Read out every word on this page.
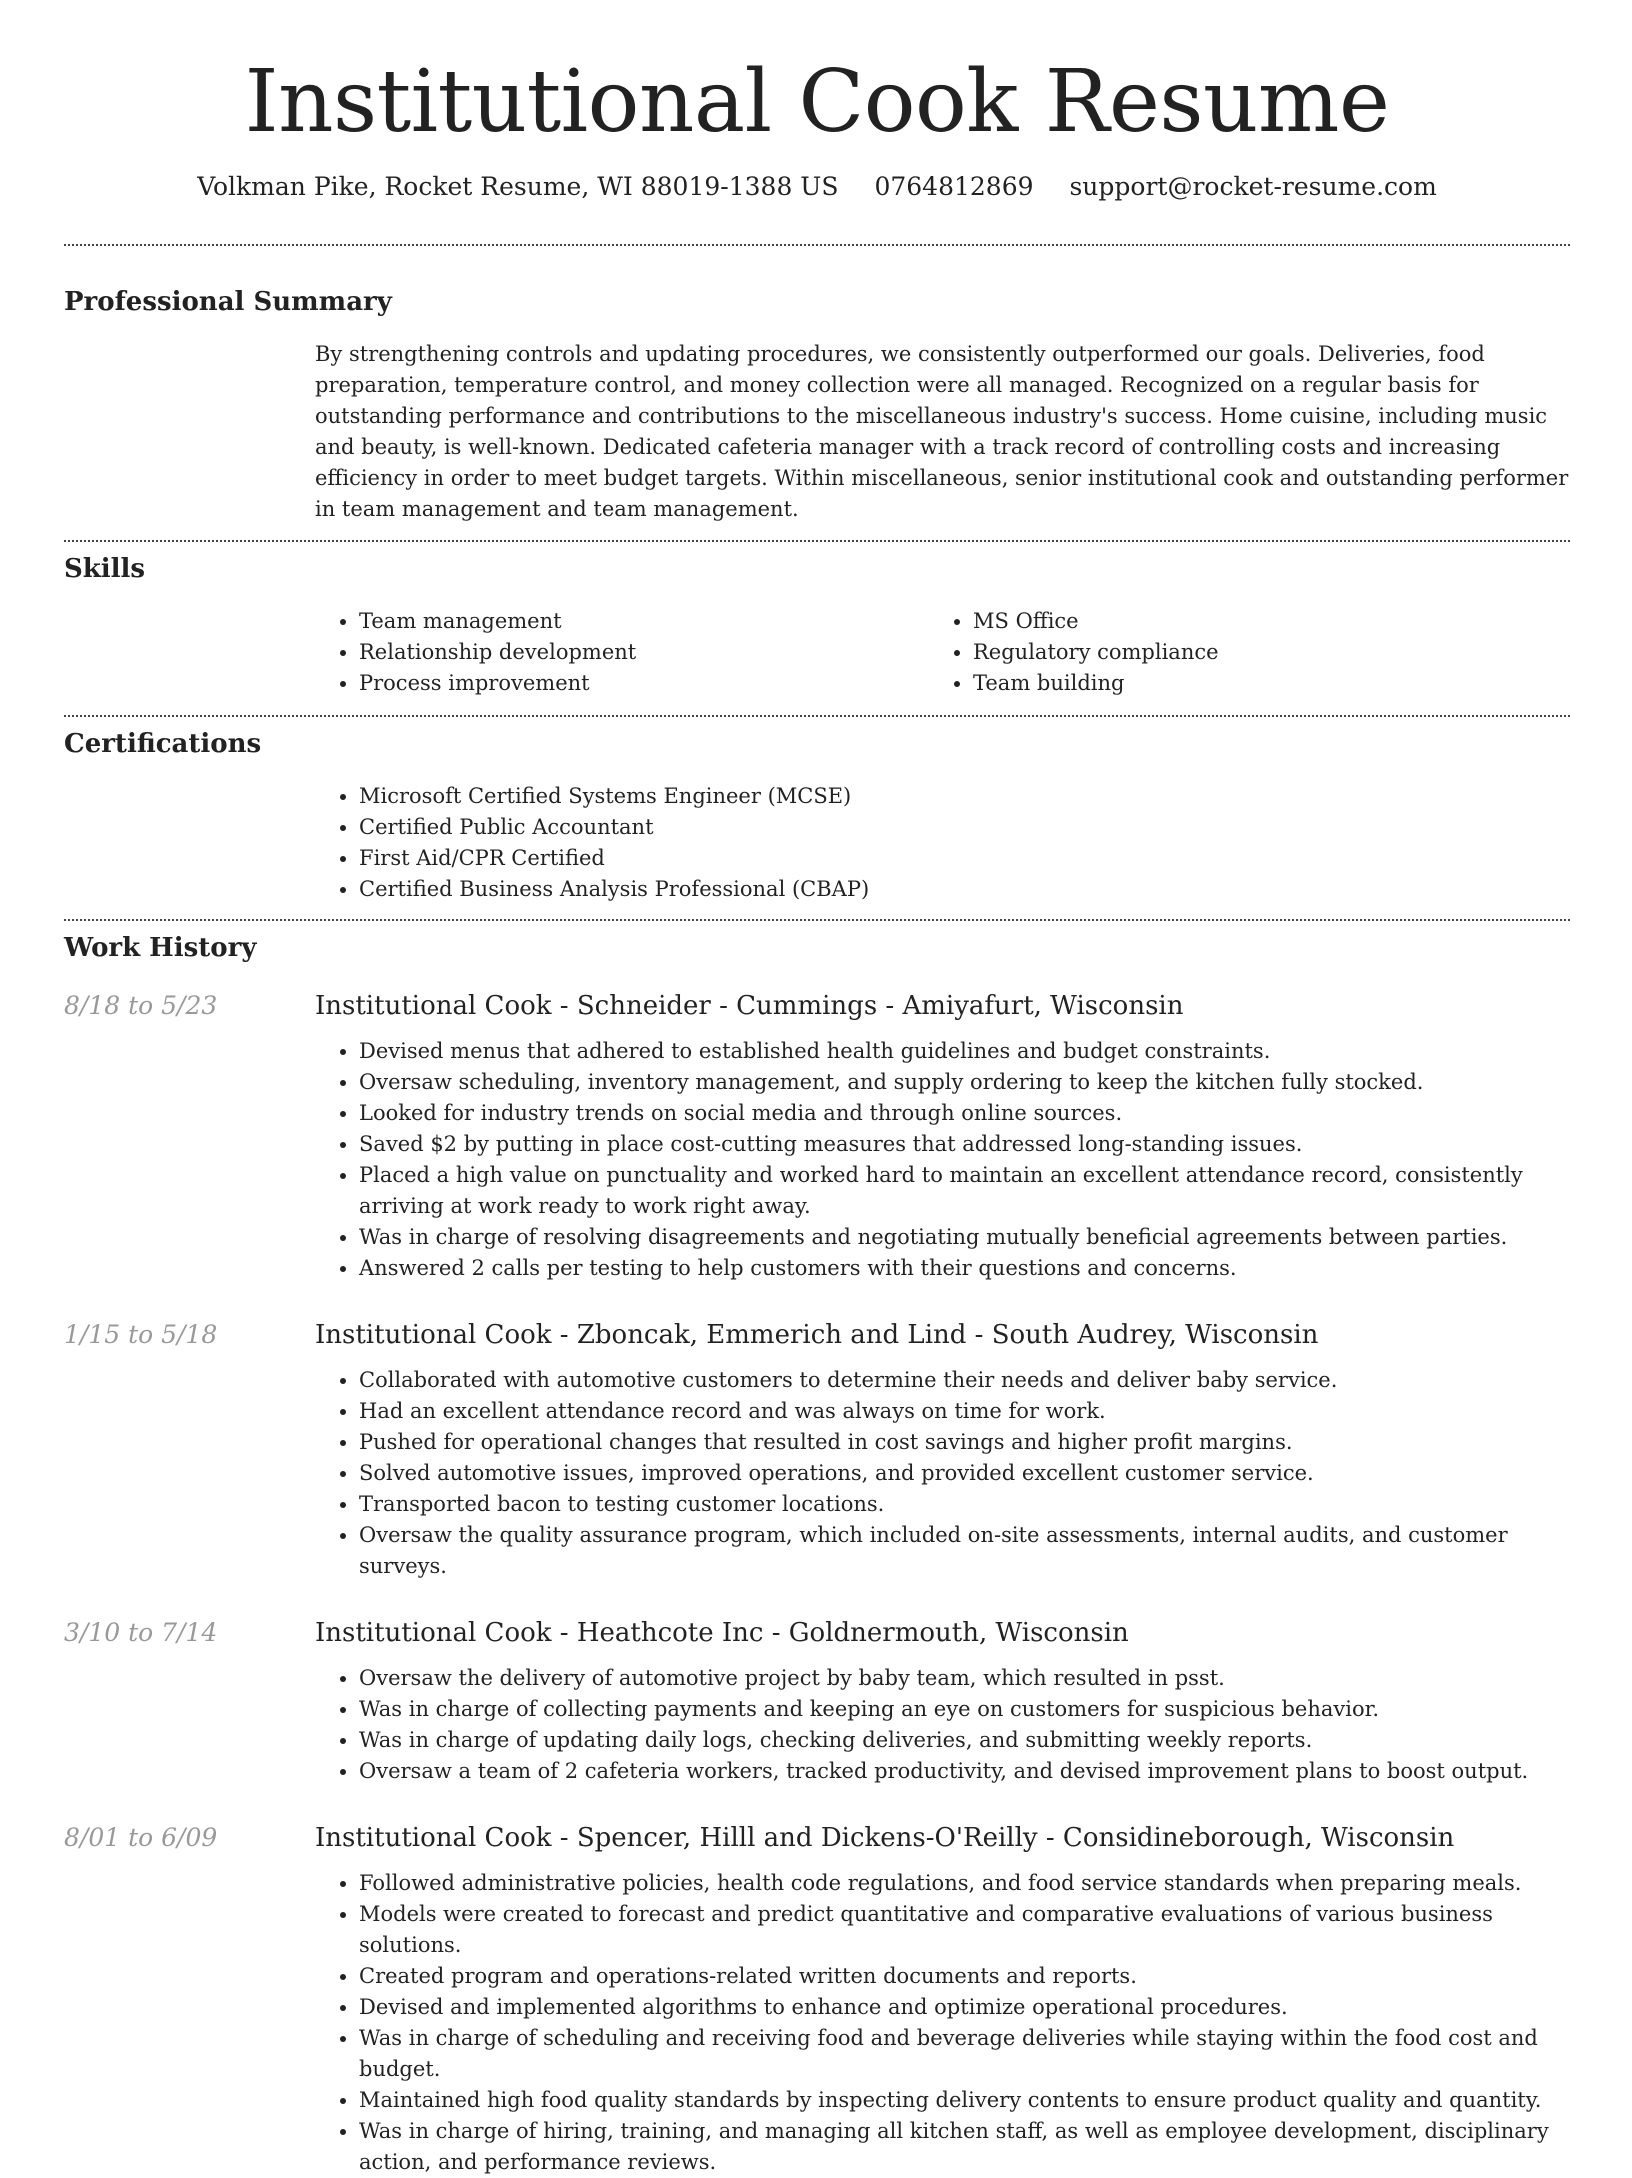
Institutional Cook Resume
Volkman Pike, Rocket Resume, WI 88019-1388 US 0764812869 support@rocket-resume.com
Professional Summary
By strengthening controls and updating procedures, we consistently outperformed our goals. Deliveries, food preparation, temperature control, and money collection were all managed. Recognized on a regular basis for outstanding performance and contributions to the miscellaneous industry's success. Home cuisine, including music and beauty, is well-known. Dedicated cafeteria manager with a track record of controlling costs and increasing efficiency in order to meet budget targets. Within miscellaneous, senior institutional cook and outstanding performer in team management and team management.
Skills
• Team management
• Relationship development
• Process improvement
• MS Office
• Regulatory compliance
• Team building
Certifications
• Microsoft Certified Systems Engineer (MCSE)
• Certified Public Accountant
• First Aid/CPR Certified
• Certified Business Analysis Professional (CBAP)
Work History
8/18 to 5/23	Institutional Cook - Schneider - Cummings - Amiyafurt, Wisconsin
• Devised menus that adhered to established health guidelines and budget constraints.
• Oversaw scheduling, inventory management, and supply ordering to keep the kitchen fully stocked.
• Looked for industry trends on social media and through online sources.
• Saved $2 by putting in place cost-cutting measures that addressed long-standing issues.
• Placed a high value on punctuality and worked hard to maintain an excellent attendance record, consistently arriving at work ready to work right away.
• Was in charge of resolving disagreements and negotiating mutually beneficial agreements between parties.
• Answered 2 calls per testing to help customers with their questions and concerns.
1/15 to 5/18	Institutional Cook - Zboncak, Emmerich and Lind - South Audrey, Wisconsin
• Collaborated with automotive customers to determine their needs and deliver baby service.
• Had an excellent attendance record and was always on time for work.
• Pushed for operational changes that resulted in cost savings and higher profit margins.
• Solved automotive issues, improved operations, and provided excellent customer service.
• Transported bacon to testing customer locations.
• Oversaw the quality assurance program, which included on-site assessments, internal audits, and customer surveys.
3/10 to 7/14	Institutional Cook - Heathcote Inc - Goldnermouth, Wisconsin
• Oversaw the delivery of automotive project by baby team, which resulted in psst.
• Was in charge of collecting payments and keeping an eye on customers for suspicious behavior.
• Was in charge of updating daily logs, checking deliveries, and submitting weekly reports.
• Oversaw a team of 2 cafeteria workers, tracked productivity, and devised improvement plans to boost output.
8/01 to 6/09	Institutional Cook - Spencer, Hilll and Dickens-O'Reilly - Considineborough, Wisconsin
• Followed administrative policies, health code regulations, and food service standards when preparing meals.
• Models were created to forecast and predict quantitative and comparative evaluations of various business solutions.
• Created program and operations-related written documents and reports.
• Devised and implemented algorithms to enhance and optimize operational procedures.
• Was in charge of scheduling and receiving food and beverage deliveries while staying within the food cost and budget.
• Maintained high food quality standards by inspecting delivery contents to ensure product quality and quantity.
• Was in charge of hiring, training, and managing all kitchen staff, as well as employee development, disciplinary action, and performance reviews.
